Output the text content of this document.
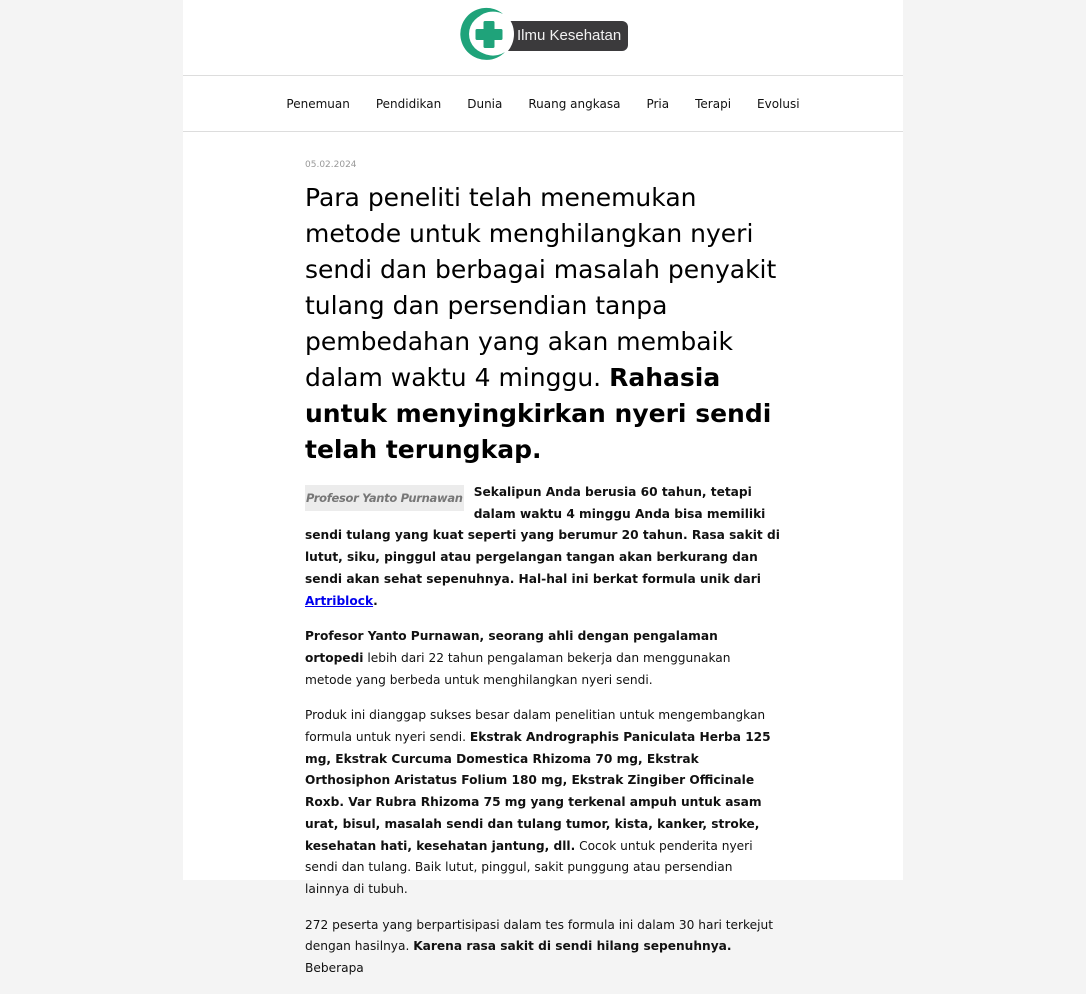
Ilmu Kesehatan
Penemuan Pendidikan Dunia Ruang angkasa Pria Terapi Evolusi
05.02.2024
Para peneliti telah menemukan metode untuk menghilangkan nyeri sendi dan berbagai masalah penyakit tulang dan persendian tanpa pembedahan yang akan membaik dalam waktu 4 minggu. Rahasia untuk menyingkirkan nyeri sendi telah terungkap.

Profesor Yanto Purnawan Sekalipun Anda berusia 60 tahun, tetapi dalam waktu 4 minggu Anda bisa memiliki sendi tulang yang kuat seperti yang berumur 20 tahun. Rasa sakit di lutut, siku, pinggul atau pergelangan tangan akan berkurang dan sendi akan sehat sepenuhnya. Hal-hal ini berkat formula unik dari Artriblock.

Profesor Yanto Purnawan, seorang ahli dengan pengalaman ortopedi lebih dari 22 tahun pengalaman bekerja dan menggunakan metode yang berbeda untuk menghilangkan nyeri sendi.

Produk ini dianggap sukses besar dalam penelitian untuk mengembangkan formula untuk nyeri sendi. Ekstrak Andrographis Paniculata Herba 125 mg, Ekstrak Curcuma Domestica Rhizoma 70 mg, Ekstrak Orthosiphon Aristatus Folium 180 mg, Ekstrak Zingiber Officinale Roxb. Var Rubra Rhizoma 75 mg yang terkenal ampuh untuk asam urat, bisul, masalah sendi dan tulang tumor, kista, kanker, stroke, kesehatan hati, kesehatan jantung, dll. Cocok untuk penderita nyeri sendi dan tulang. Baik lutut, pinggul, sakit punggung atau persendian lainnya di tubuh.

272 peserta yang berpartisipasi dalam tes formula ini dalam 30 hari terkejut dengan hasilnya. Karena rasa sakit di sendi hilang sepenuhnya. Beberapa
